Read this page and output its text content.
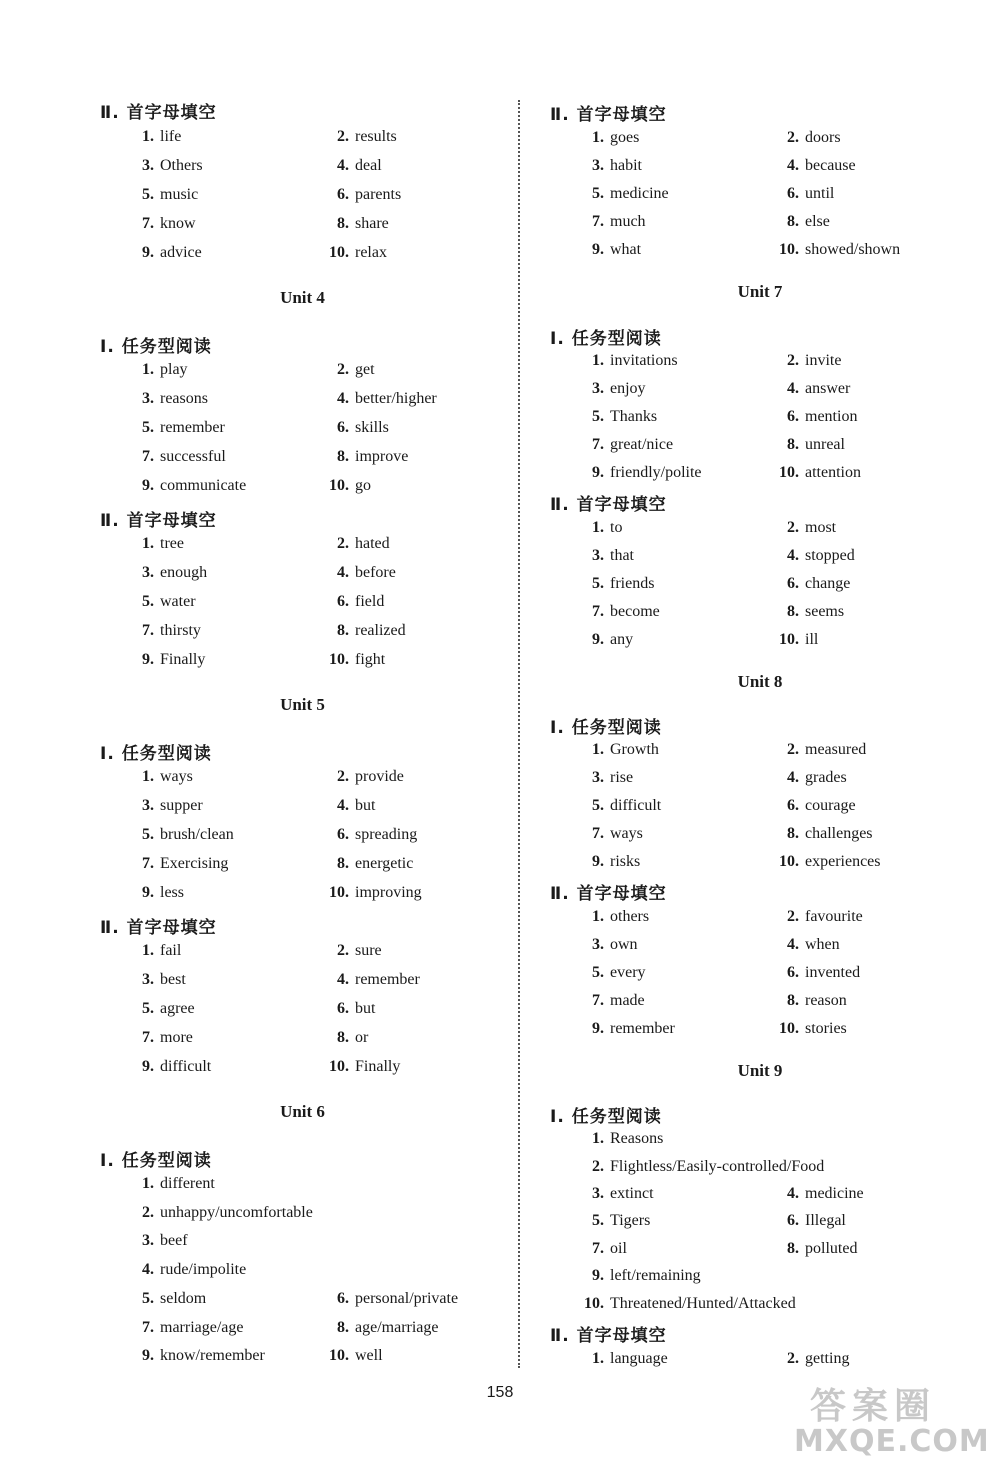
Ⅱ. 首字母填空
1. life	2. results
3. Others	4. deal
5. music	6. parents
7. know	8. share
9. advice	10. relax
Unit 4
Ⅰ. 任务型阅读
1. play	2. get
3. reasons	4. better/higher
5. remember	6. skills
7. successful	8. improve
9. communicate	10. go
Ⅱ. 首字母填空
1. tree	2. hated
3. enough	4. before
5. water	6. field
7. thirsty	8. realized
9. Finally	10. fight
Unit 5
Ⅰ. 任务型阅读
1. ways	2. provide
3. supper	4. but
5. brush/clean	6. spreading
7. Exercising	8. energetic
9. less	10. improving
Ⅱ. 首字母填空
1. fail	2. sure
3. best	4. remember
5. agree	6. but
7. more	8. or
9. difficult	10. Finally
Unit 6
Ⅰ. 任务型阅读
1. different
2. unhappy/uncomfortable
3. beef
4. rude/impolite
5. seldom	6. personal/private
7. marriage/age	8. age/marriage
9. know/remember	10. well
Ⅱ. 首字母填空
1. goes	2. doors
3. habit	4. because
5. medicine	6. until
7. much	8. else
9. what	10. showed/shown
Unit 7
Ⅰ. 任务型阅读
1. invitations	2. invite
3. enjoy	4. answer
5. Thanks	6. mention
7. great/nice	8. unreal
9. friendly/polite	10. attention
Ⅱ. 首字母填空
1. to	2. most
3. that	4. stopped
5. friends	6. change
7. become	8. seems
9. any	10. ill
Unit 8
Ⅰ. 任务型阅读
1. Growth	2. measured
3. rise	4. grades
5. difficult	6. courage
7. ways	8. challenges
9. risks	10. experiences
Ⅱ. 首字母填空
1. others	2. favourite
3. own	4. when
5. every	6. invented
7. made	8. reason
9. remember	10. stories
Unit 9
Ⅰ. 任务型阅读
1. Reasons
2. Flightless/Easily-controlled/Food
3. extinct	4. medicine
5. Tigers	6. Illegal
7. oil	8. polluted
9. left/remaining
10. Threatened/Hunted/Attacked
Ⅱ. 首字母填空
1. language	2. getting
158	答案圈
MXQE.COM
